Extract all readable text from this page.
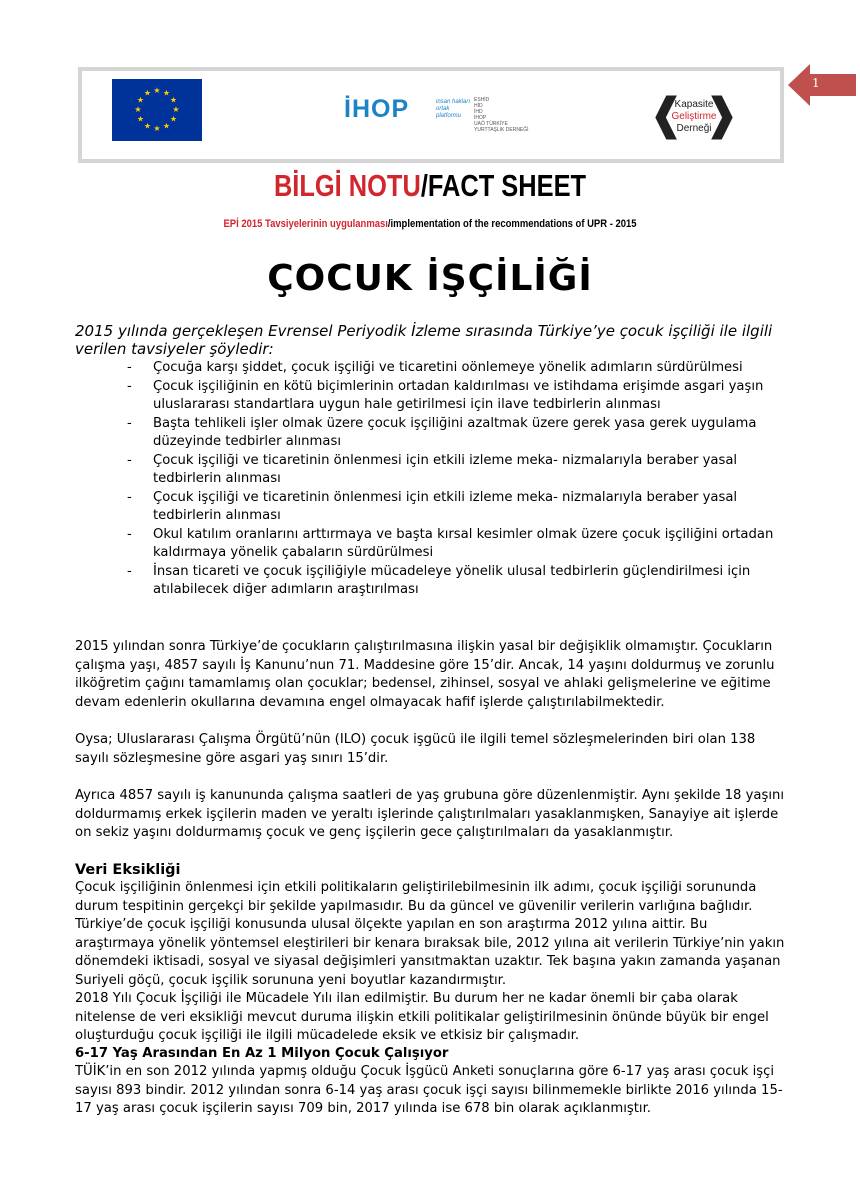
★ ★
★
★
★
★
★
★
★
★
★
★
İHOP	insan hakları ortak platformu
ESHİD
HİD
İHD
İHOP
UAÖ TÜRKİYE
YURTTAŞLIK DERNEĞİ	❰
Kapasite
Geliştirme
Derneği
❱
1
BİLGİ NOTU/FACT SHEET
EPİ 2015 Tavsiyelerinin uygulanması/implementation of the recommendations of UPR - 2015
ÇOCUK İŞÇİLİĞİ
2015 yılında gerçekleşen Evrensel Periyodik İzleme sırasında Türkiye’ye çocuk işçiliği ile ilgili verilen tavsiyeler şöyledir:
- Çocuğa karşı şiddet, çocuk işçiliği ve ticaretini oönlemeye yönelik adımların sürdürülmesi
- Çocuk işçiliğinin en kötü biçimlerinin ortadan kaldırılması ve istihdama erişimde asgari yaşın uluslararası standartlara uygun hale getirilmesi için ilave tedbirlerin alınması
- Başta tehlikeli işler olmak üzere çocuk işçiliğini azaltmak üzere gerek yasa gerek uygulama düzeyinde tedbirler alınması
- Çocuk işçiliği ve ticaretinin önlenmesi için etkili izleme meka- nizmalarıyla beraber yasal tedbirlerin alınması
- Çocuk işçiliği ve ticaretinin önlenmesi için etkili izleme meka- nizmalarıyla beraber yasal tedbirlerin alınması
- Okul katılım oranlarını arttırmaya ve başta kırsal kesimler olmak üzere çocuk işçiliğini ortadan kaldırmaya yönelik çabaların sürdürülmesi
- İnsan ticareti ve çocuk işçiliğiyle mücadeleye yönelik ulusal tedbirlerin güçlendirilmesi için atılabilecek diğer adımların araştırılması
2015 yılından sonra Türkiye’de çocukların çalıştırılmasına ilişkin yasal bir değişiklik olmamıştır. Çocukların çalışma yaşı, 4857 sayılı İş Kanunu’nun 71. Maddesine göre 15’dir. Ancak, 14 yaşını doldurmuş ve zorunlu ilköğretim çağını tamamlamış olan çocuklar; bedensel, zihinsel, sosyal ve ahlaki gelişmelerine ve eğitime devam edenlerin okullarına devamına engel olmayacak hafif işlerde çalıştırılabilmektedir.
Oysa; Uluslararası Çalışma Örgütü’nün (ILO) çocuk işgücü ile ilgili temel sözleşmelerinden biri olan 138 sayılı sözleşmesine göre asgari yaş sınırı 15’dir.
Ayrıca 4857 sayılı iş kanununda çalışma saatleri de yaş grubuna göre düzenlenmiştir. Aynı şekilde 18 yaşını doldurmamış erkek işçilerin maden ve yeraltı işlerinde çalıştırılmaları yasaklanmışken, Sanayiye ait işlerde on sekiz yaşını doldurmamış çocuk ve genç işçilerin gece çalıştırılmaları da yasaklanmıştır.
Veri Eksikliği
Çocuk işçiliğinin önlenmesi için etkili politikaların geliştirilebilmesinin ilk adımı, çocuk işçiliği sorununda durum tespitinin gerçekçi bir şekilde yapılmasıdır. Bu da güncel ve güvenilir verilerin varlığına bağlıdır. Türkiye’de çocuk işçiliği konusunda ulusal ölçekte yapılan en son araştırma 2012 yılına aittir. Bu araştırmaya yönelik yöntemsel eleştirileri bir kenara bıraksak bile, 2012 yılına ait verilerin Türkiye’nin yakın dönemdeki iktisadi, sosyal ve siyasal değişimleri yansıtmaktan uzaktır. Tek başına yakın zamanda yaşanan Suriyeli göçü, çocuk işçilik sorununa yeni boyutlar kazandırmıştır.
2018 Yılı Çocuk İşçiliği ile Mücadele Yılı ilan edilmiştir. Bu durum her ne kadar önemli bir çaba olarak nitelense de veri eksikliği mevcut duruma ilişkin etkili politikalar geliştirilmesinin önünde büyük bir engel oluşturduğu çocuk işçiliği ile ilgili mücadelede eksik ve etkisiz bir çalışmadır.
6-17 Yaş Arasından En Az 1 Milyon Çocuk Çalışıyor
TÜİK’in en son 2012 yılında yapmış olduğu Çocuk İşgücü Anketi sonuçlarına göre 6-17 yaş arası çocuk işçi sayısı 893 bindir. 2012 yılından sonra 6-14 yaş arası çocuk işçi sayısı bilinmemekle birlikte 2016 yılında 15-17 yaş arası çocuk işçilerin sayısı 709 bin, 2017 yılında ise 678 bin olarak açıklanmıştır.
